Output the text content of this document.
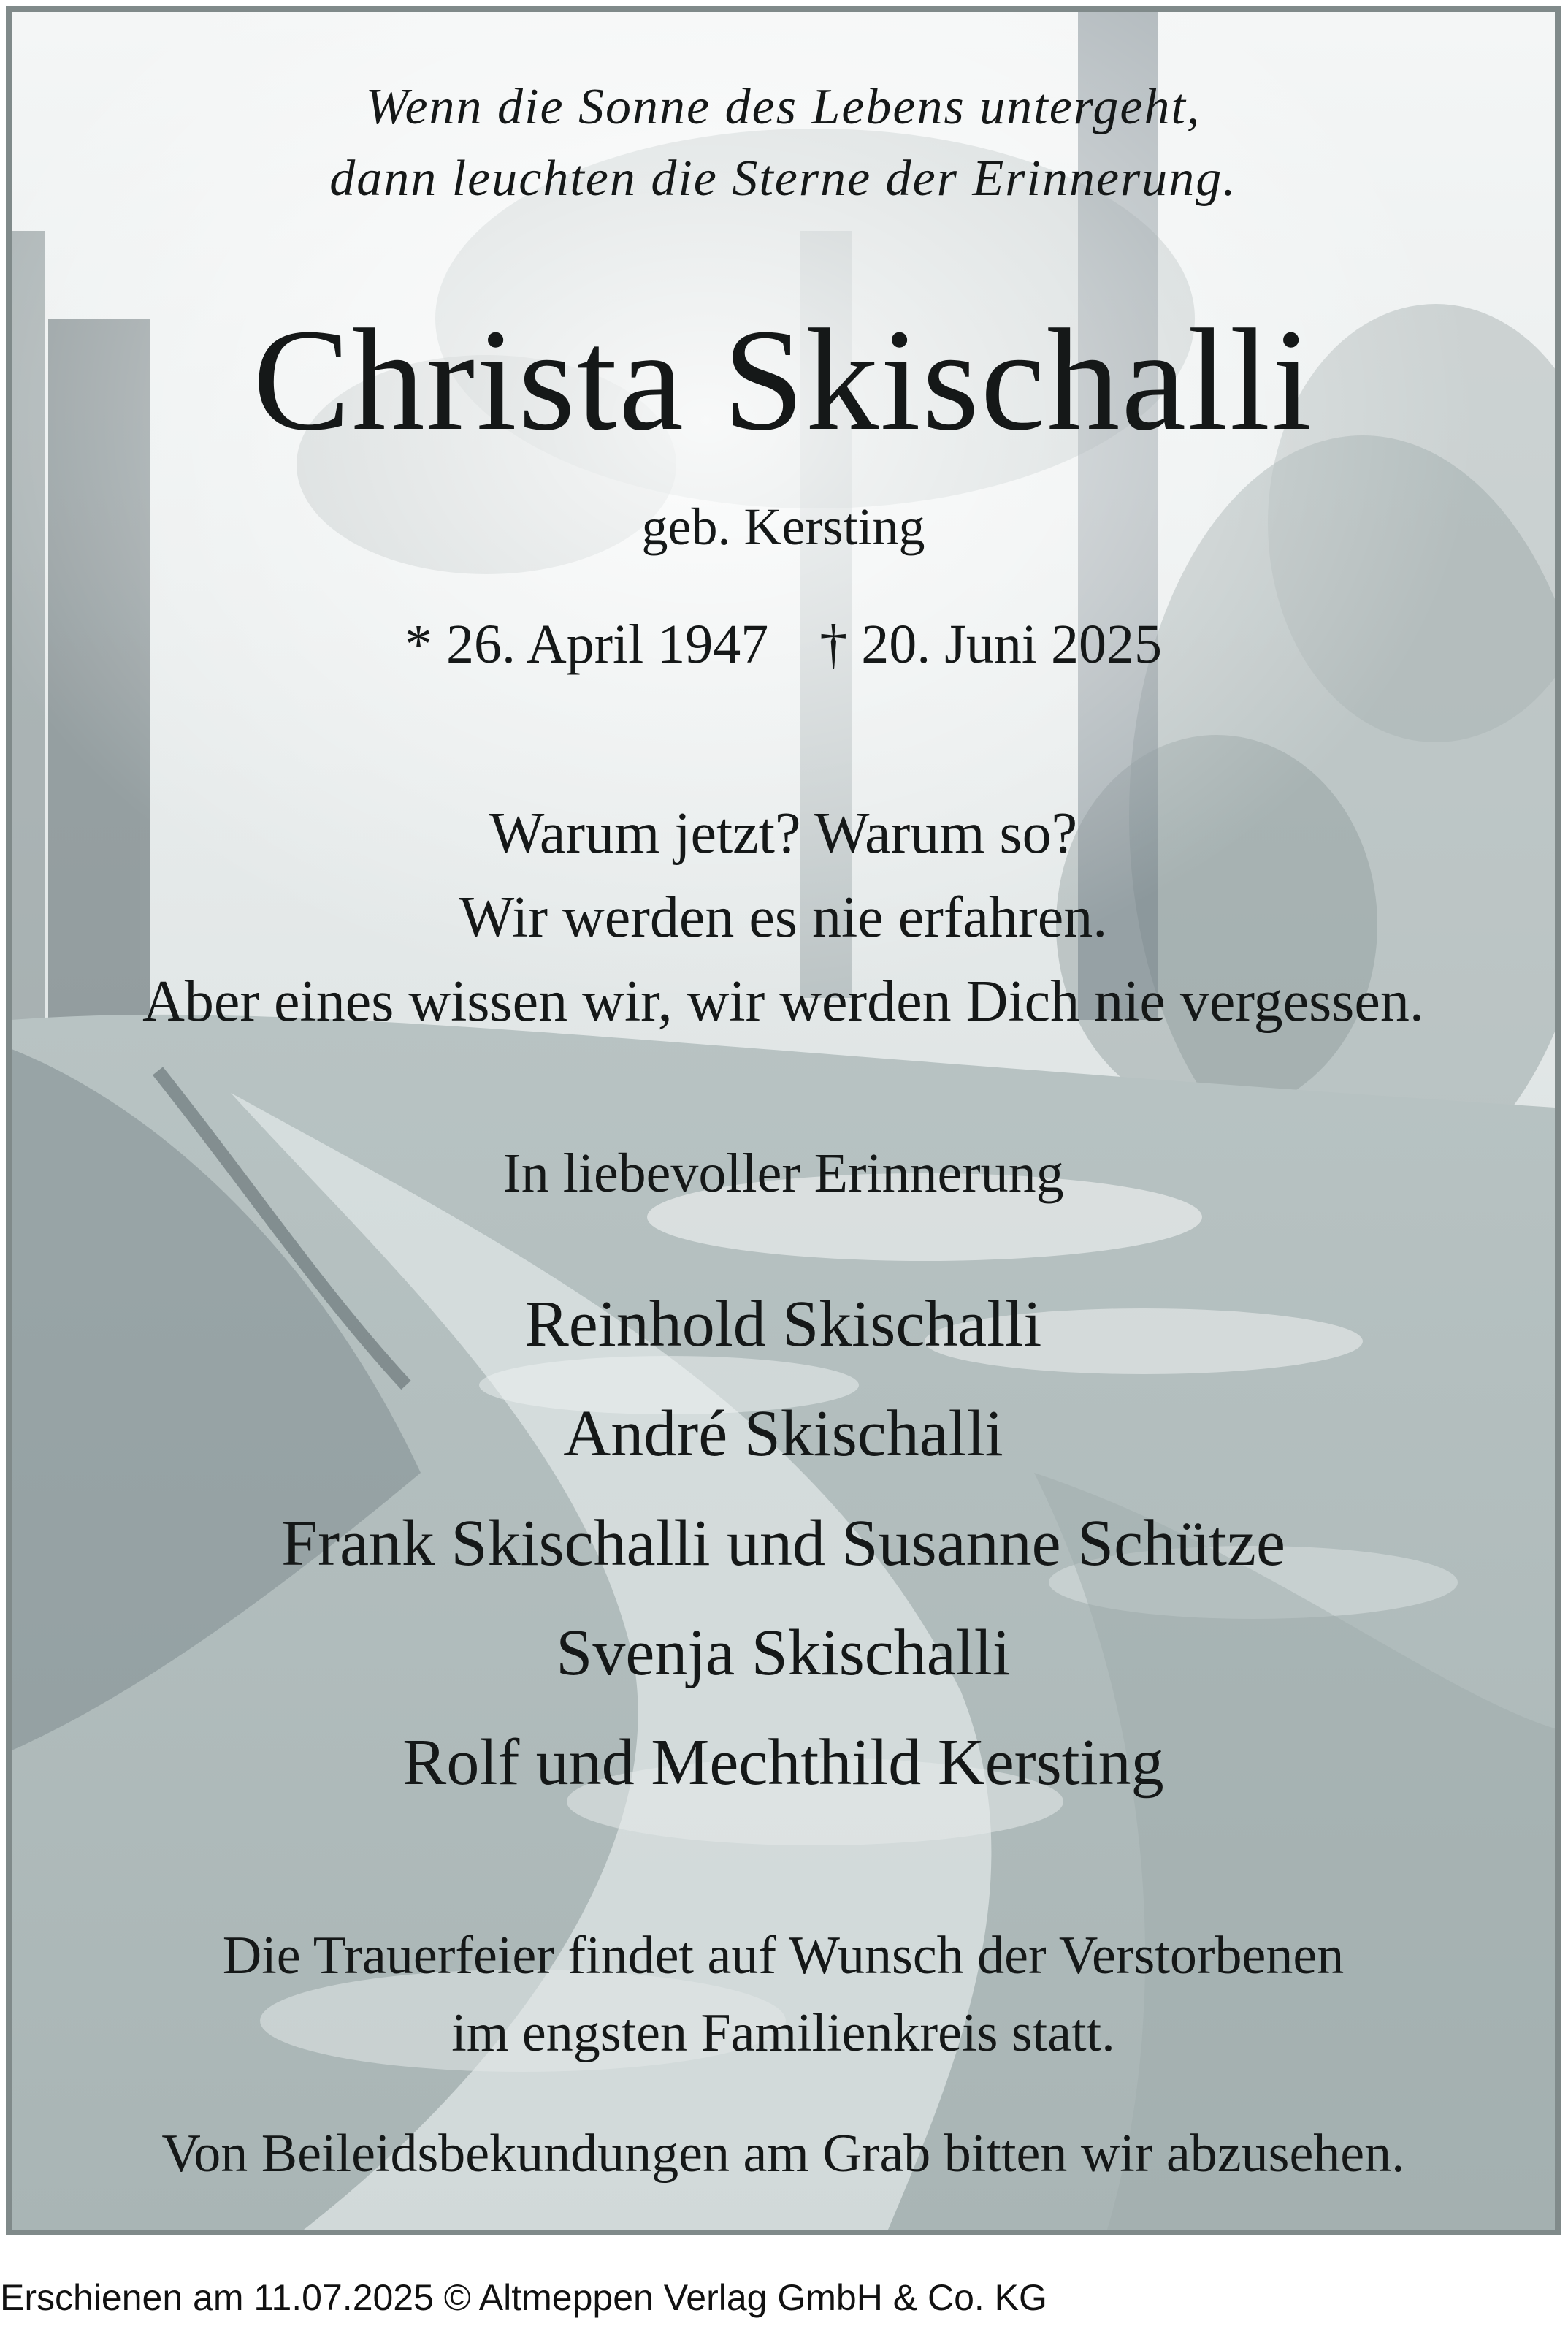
Wenn die Sonne des Lebens untergeht,
dann leuchten die Sterne der Erinnerung.
Christa Skischalli
geb. Kersting
* 26. April 1947 † 20. Juni 2025
Warum jetzt? Warum so?
Wir werden es nie erfahren.
Aber eines wissen wir, wir werden Dich nie vergessen.
In liebevoller Erinnerung
Reinhold Skischalli
André Skischalli
Frank Skischalli und Susanne Schütze
Svenja Skischalli
Rolf und Mechthild Kersting
Die Trauerfeier findet auf Wunsch der Verstorbenen
im engsten Familienkreis statt.
Von Beileidsbekundungen am Grab bitten wir abzusehen.
Erschienen am 11.07.2025 © Altmeppen Verlag GmbH & Co. KG
